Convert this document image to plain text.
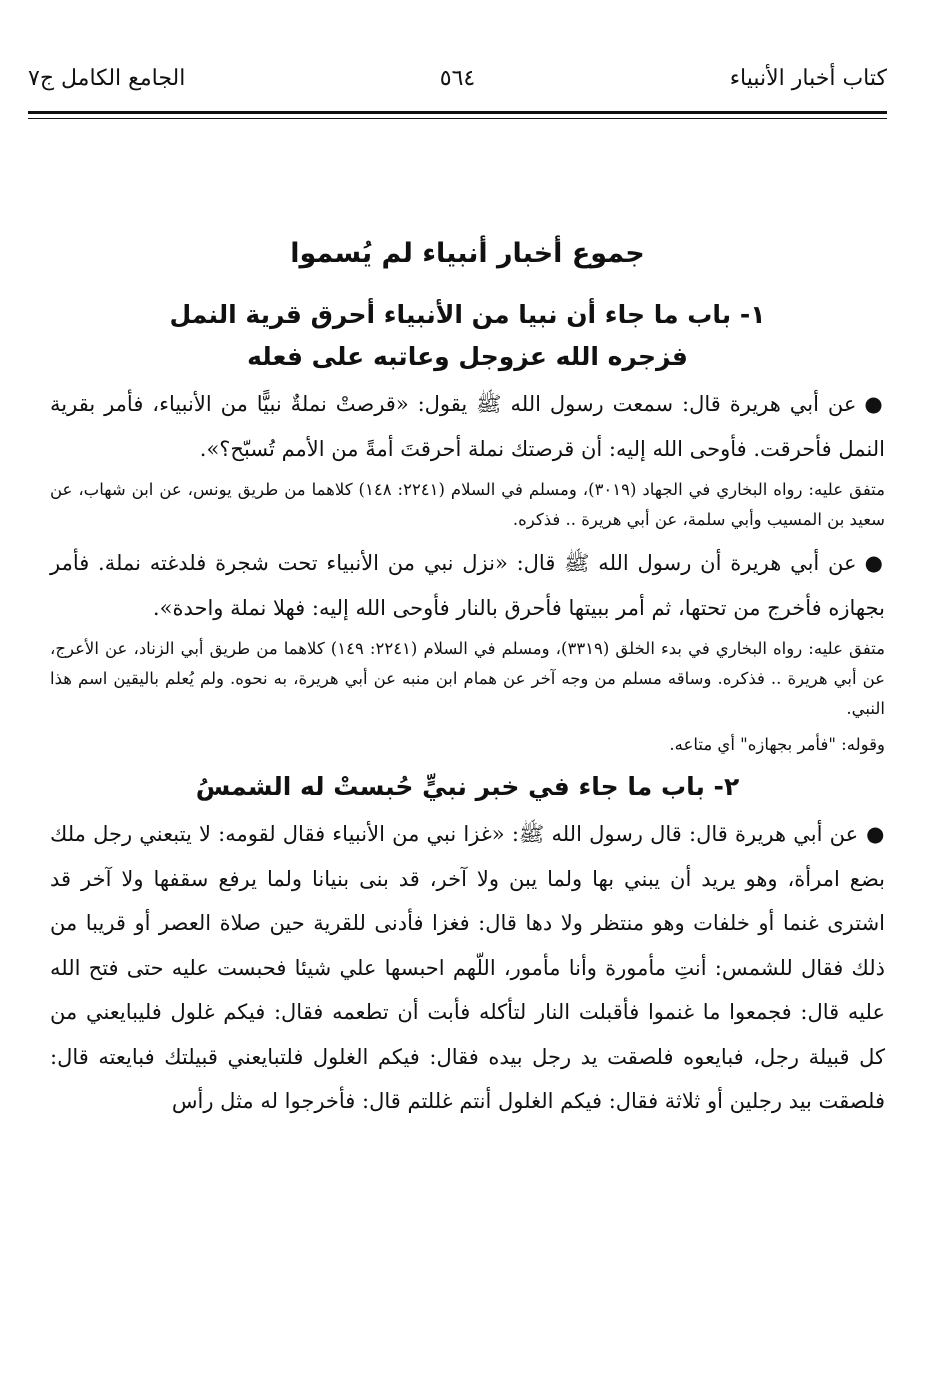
كتاب أخبار الأنبياء
٥٦٤
الجامع الكامل ج٧
جموع أخبار أنبياء لم يُسموا
١- باب ما جاء أن نبيا من الأنبياء أحرق قرية النمل
فزجره الله عزوجل وعاتبه على فعله

●عن أبي هريرة قال: سمعت رسول الله ﷺ يقول: «قرصتْ نملةٌ نبيًّا من الأنبياء، فأمر بقرية النمل فأحرقت. فأوحى الله إليه: أن قرصتك نملة أحرقتَ أمةً من الأمم تُسبّح؟».

متفق عليه: رواه البخاري في الجهاد (٣٠١٩)، ومسلم في السلام (٢٢٤١: ١٤٨) كلاهما من طريق يونس، عن ابن شهاب، عن سعيد بن المسيب وأبي سلمة، عن أبي هريرة .. فذكره.

●عن أبي هريرة أن رسول الله ﷺ قال: «نزل نبي من الأنبياء تحت شجرة فلدغته نملة. فأمر بجهازه فأخرج من تحتها، ثم أمر ببيتها فأحرق بالنار فأوحى الله إليه: فهلا نملة واحدة».

متفق عليه: رواه البخاري في بدء الخلق (٣٣١٩)، ومسلم في السلام (٢٢٤١: ١٤٩) كلاهما من طريق أبي الزناد، عن الأعرج، عن أبي هريرة .. فذكره. وساقه مسلم من وجه آخر عن همام ابن منبه عن أبي هريرة، به نحوه. ولم يُعلم باليقين اسم هذا النبي.

وقوله: "فأمر بجهازه" أي متاعه.

٢- باب ما جاء في خبر نبيٍّ حُبستْ له الشمسُ

●عن أبي هريرة قال: قال رسول الله ﷺ: «غزا نبي من الأنبياء فقال لقومه: لا يتبعني رجل ملك بضع امرأة، وهو يريد أن يبني بها ولما يبن ولا آخر، قد بنى بنيانا ولما يرفع سقفها ولا آخر قد اشترى غنما أو خلفات وهو منتظر ولا دها قال: فغزا فأدنى للقرية حين صلاة العصر أو قريبا من ذلك فقال للشمس: أنتِ مأمورة وأنا مأمور، اللّهم احبسها علي شيئا فحبست عليه حتى فتح الله عليه قال: فجمعوا ما غنموا فأقبلت النار لتأكله فأبت أن تطعمه فقال: فيكم غلول فليبايعني من كل قبيلة رجل، فبايعوه فلصقت يد رجل بيده فقال: فيكم الغلول فلتبايعني قبيلتك فبايعته قال: فلصقت بيد رجلين أو ثلاثة فقال: فيكم الغلول أنتم غللتم قال: فأخرجوا له مثل رأس
